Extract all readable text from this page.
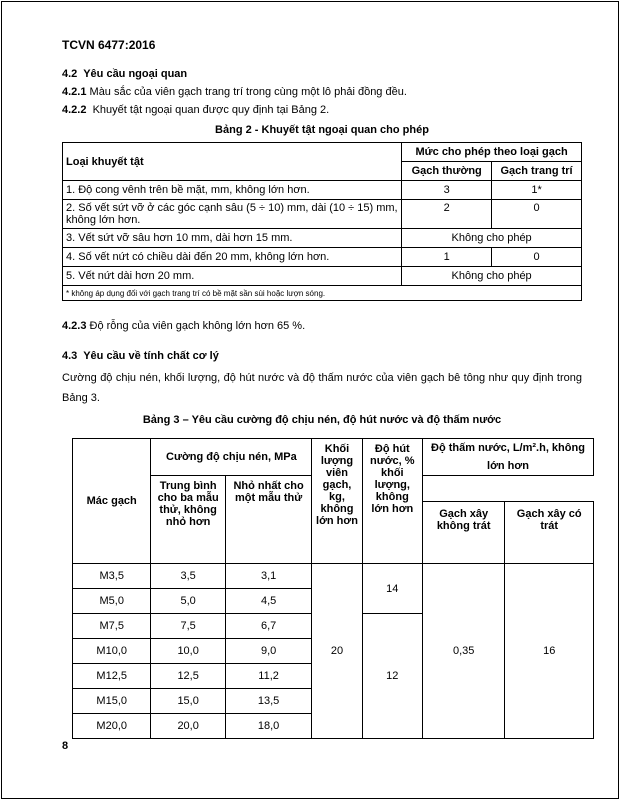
TCVN 6477:2016
4.2 Yêu cầu ngoại quan
4.2.1 Màu sắc của viên gạch trang trí trong cùng một lô phải đồng đều.
4.2.2 Khuyết tật ngoại quan được quy định tại Bảng 2.
Bảng 2 - Khuyết tật ngoại quan cho phép
Loại khuyết tật	Mức cho phép theo loại gạch	
	Gạch thường	Gạch trang trí
1. Độ cong vênh trên bề mặt, mm, không lớn hơn.	3	1*
2. Số vết sứt vỡ ở các góc cạnh sâu (5 ÷ 10) mm, dài (10 ÷ 15) mm, không lớn hơn.	2	0
3. Vết sứt vỡ sâu hơn 10 mm, dài hơn 15 mm.	Không cho phép	
4. Số vết nứt có chiều dài đến 20 mm, không lớn hơn.	1	0
5. Vết nứt dài hơn 20 mm.	Không cho phép	
* không áp dụng đối với gạch trang trí có bề mặt sần sùi hoặc lượn sóng.		
4.2.3 Độ rỗng của viên gạch không lớn hơn 65 %.
4.3 Yêu cầu về tính chất cơ lý
Cường độ chịu nén, khối lượng, độ hút nước và độ thấm nước của viên gạch bê tông như quy định trong Bảng 3.
Bảng 3 – Yêu cầu cường độ chịu nén, độ hút nước và độ thấm nước
Mác gạch	Cường độ chịu nén, MPa		Khối lượng viên gạch, kg, không lớn hơn	Độ hút nước, % khối lượng, không lớn hơn	Độ thấm nước, L/m².h, không lớn hơn	
	Trung bình cho ba mẫu thử, không nhỏ hơn	Nhỏ nhất cho một mẫu thử				
					Gạch xây không trát	Gạch xây có trát
M3,5	3,5	3,1	20	14	0,35	16
M5,0	5,0	4,5				
M7,5	7,5	6,7		12		
M10,0	10,0	9,0				
M12,5	12,5	11,2				
M15,0	15,0	13,5				
M20,0	20,0	18,0				
8
